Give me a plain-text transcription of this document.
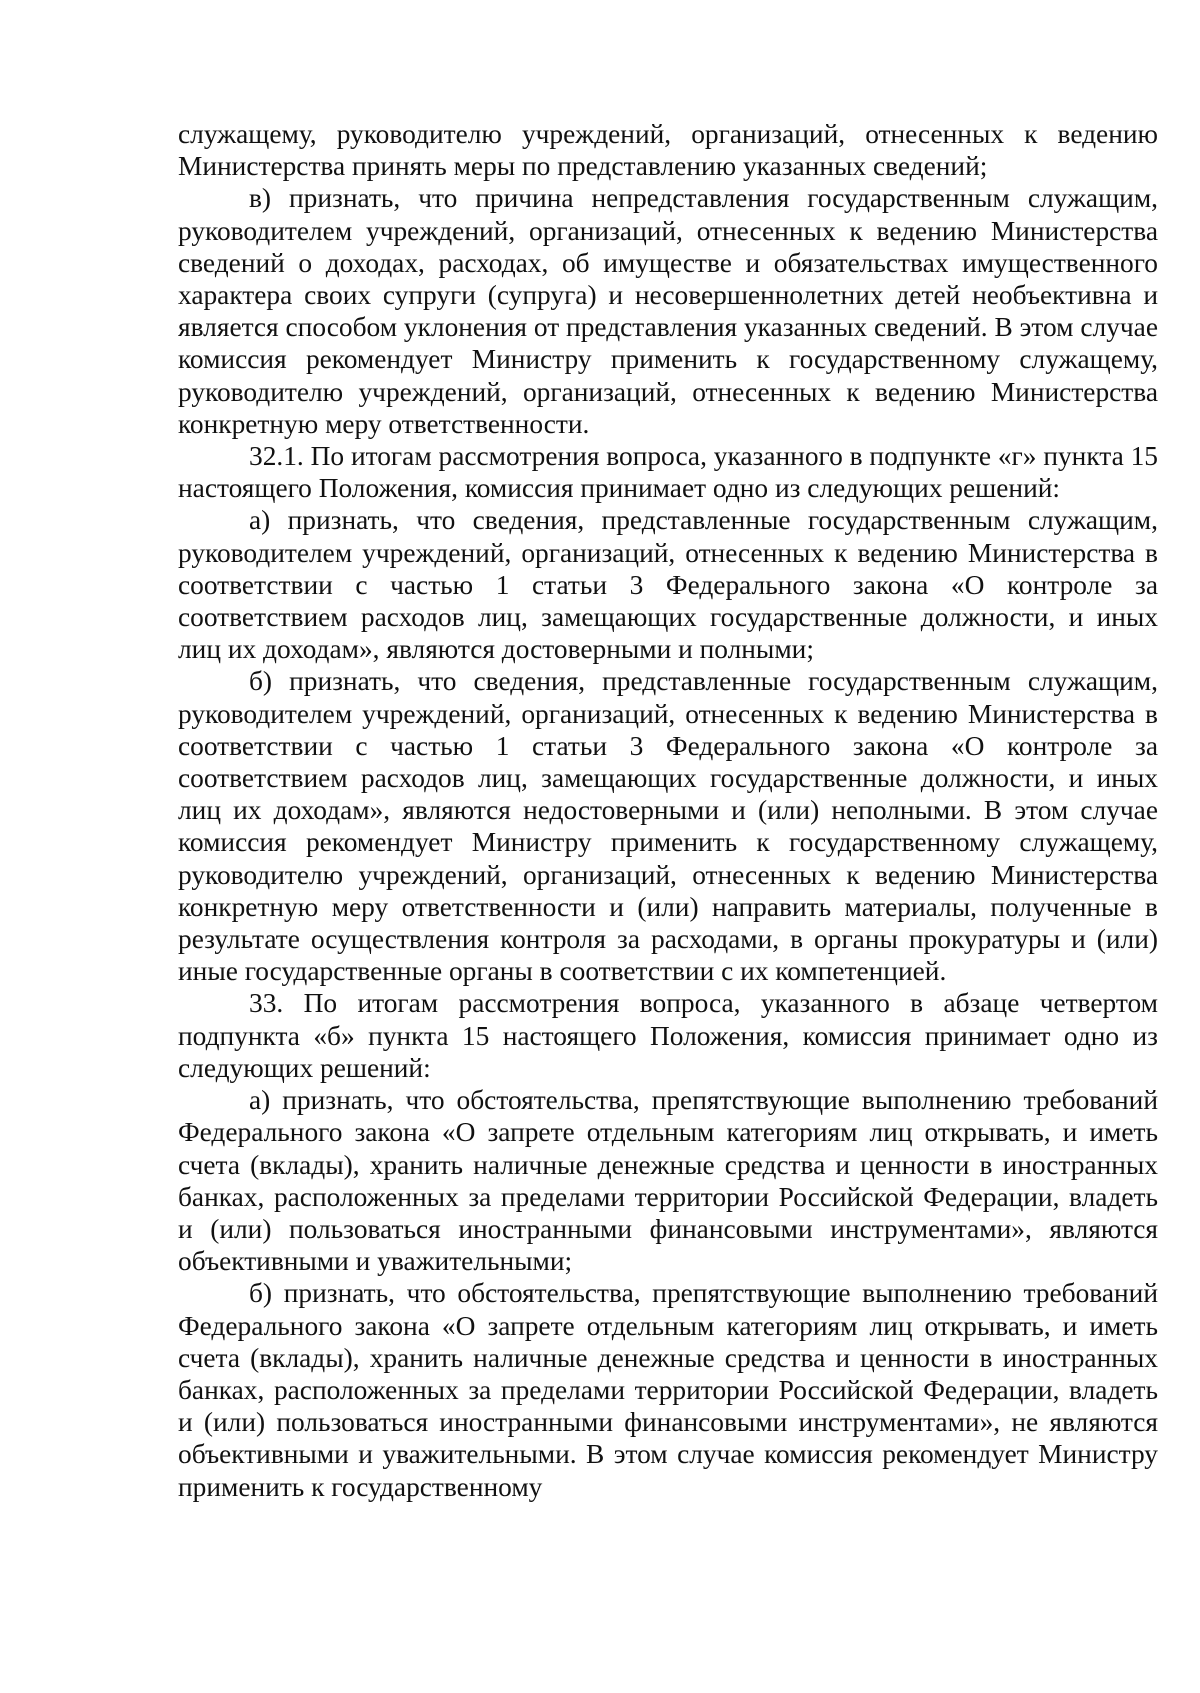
служащему, руководителю учреждений, организаций, отнесенных к ведению Министерства принять меры по представлению указанных сведений;

в) признать, что причина непредставления государственным служащим, руководителем учреждений, организаций, отнесенных к ведению Министерства сведений о доходах, расходах, об имуществе и обязательствах имущественного характера своих супруги (супруга) и несовершеннолетних детей необъективна и является способом уклонения от представления указанных сведений. В этом случае комиссия рекомендует Министру применить к государственному служащему, руководителю учреждений, организаций, отнесенных к ведению Министерства конкретную меру ответственности.

32.1. По итогам рассмотрения вопроса, указанного в подпункте «г» пункта 15 настоящего Положения, комиссия принимает одно из следующих решений:

а) признать, что сведения, представленные государственным служащим, руководителем учреждений, организаций, отнесенных к ведению Министерства в соответствии с частью 1 статьи 3 Федерального закона «О контроле за соответствием расходов лиц, замещающих государственные должности, и иных лиц их доходам», являются достоверными и полными;

б) признать, что сведения, представленные государственным служащим, руководителем учреждений, организаций, отнесенных к ведению Министерства в соответствии с частью 1 статьи 3 Федерального закона «О контроле за соответствием расходов лиц, замещающих государственные должности, и иных лиц их доходам», являются недостоверными и (или) неполными. В этом случае комиссия рекомендует Министру применить к государственному служащему, руководителю учреждений, организаций, отнесенных к ведению Министерства конкретную меру ответственности и (или) направить материалы, полученные в результате осуществления контроля за расходами, в органы прокуратуры и (или) иные государственные органы в соответствии с их компетенцией.

33. По итогам рассмотрения вопроса, указанного в абзаце четвертом подпункта «б» пункта 15 настоящего Положения, комиссия принимает одно из следующих решений:

а) признать, что обстоятельства, препятствующие выполнению требований Федерального закона «О запрете отдельным категориям лиц открывать, и иметь счета (вклады), хранить наличные денежные средства и ценности в иностранных банках, расположенных за пределами территории Российской Федерации, владеть и (или) пользоваться иностранными финансовыми инструментами», являются объективными и уважительными;

б) признать, что обстоятельства, препятствующие выполнению требований Федерального закона «О запрете отдельным категориям лиц открывать, и иметь счета (вклады), хранить наличные денежные средства и ценности в иностранных банках, расположенных за пределами территории Российской Федерации, владеть и (или) пользоваться иностранными финансовыми инструментами», не являются объективными и уважительными. В этом случае комиссия рекомендует Министру применить к государственному
